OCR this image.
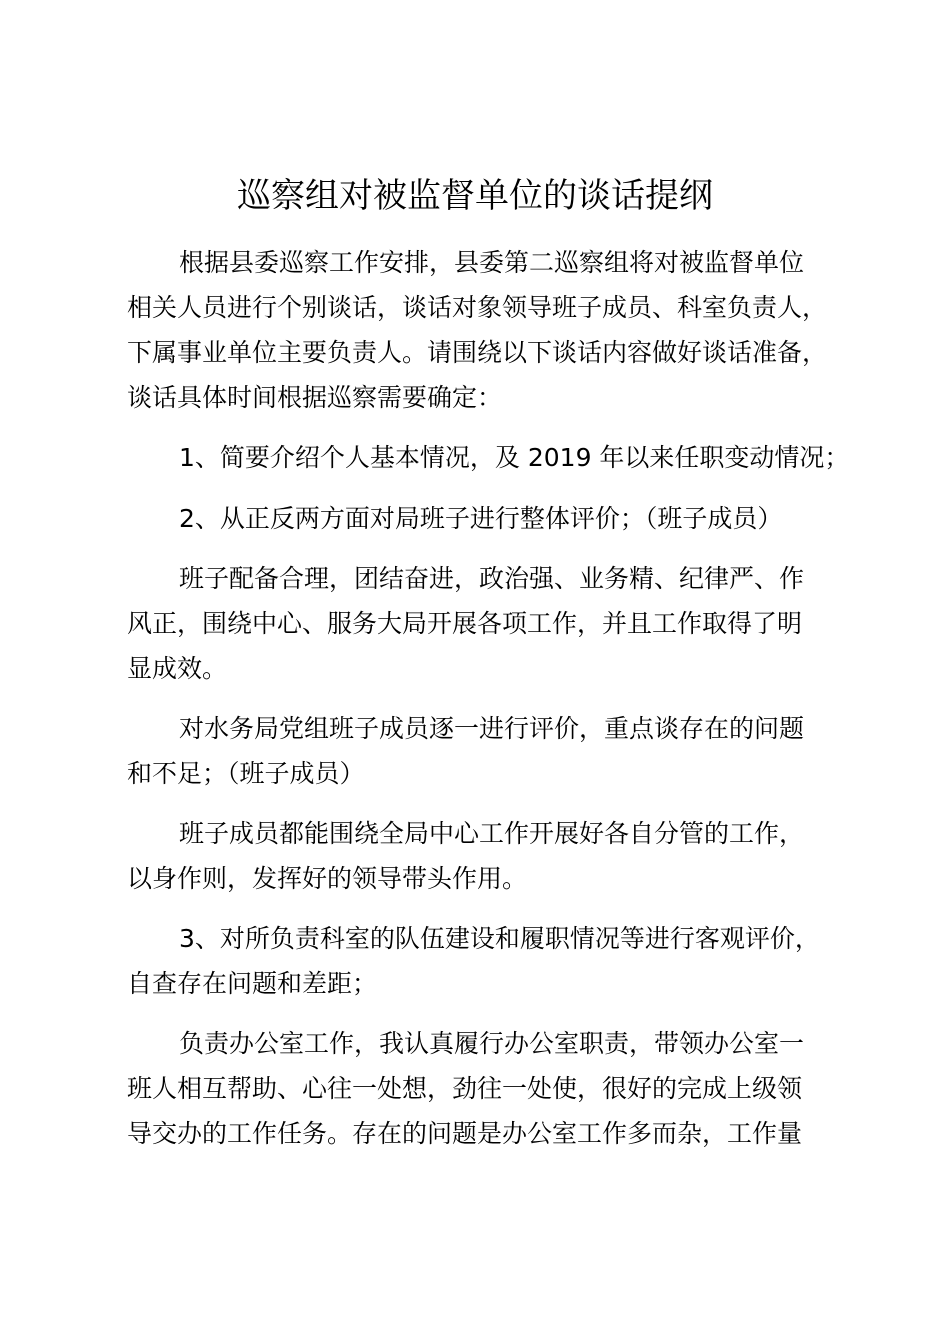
巡察组对被监督单位的谈话提纲
根据县委巡察工作安排，县委第二巡察组将对被监督单位
相关人员进行个别谈话，谈话对象领导班子成员、科室负责人，
下属事业单位主要负责人。请围绕以下谈话内容做好谈话准备，
谈话具体时间根据巡察需要确定：
1、简要介绍个人基本情况，及 2019 年以来任职变动情况；
2、从正反两方面对局班子进行整体评价；（班子成员）
班子配备合理，团结奋进，政治强、业务精、纪律严、作
风正，围绕中心、服务大局开展各项工作，并且工作取得了明
显成效。
对水务局党组班子成员逐一进行评价，重点谈存在的问题
和不足；（班子成员）
班子成员都能围绕全局中心工作开展好各自分管的工作，
以身作则，发挥好的领导带头作用。
3、对所负责科室的队伍建设和履职情况等进行客观评价，
自查存在问题和差距；
负责办公室工作，我认真履行办公室职责，带领办公室一
班人相互帮助、心往一处想，劲往一处使，很好的完成上级领
导交办的工作任务。存在的问题是办公室工作多而杂，工作量
